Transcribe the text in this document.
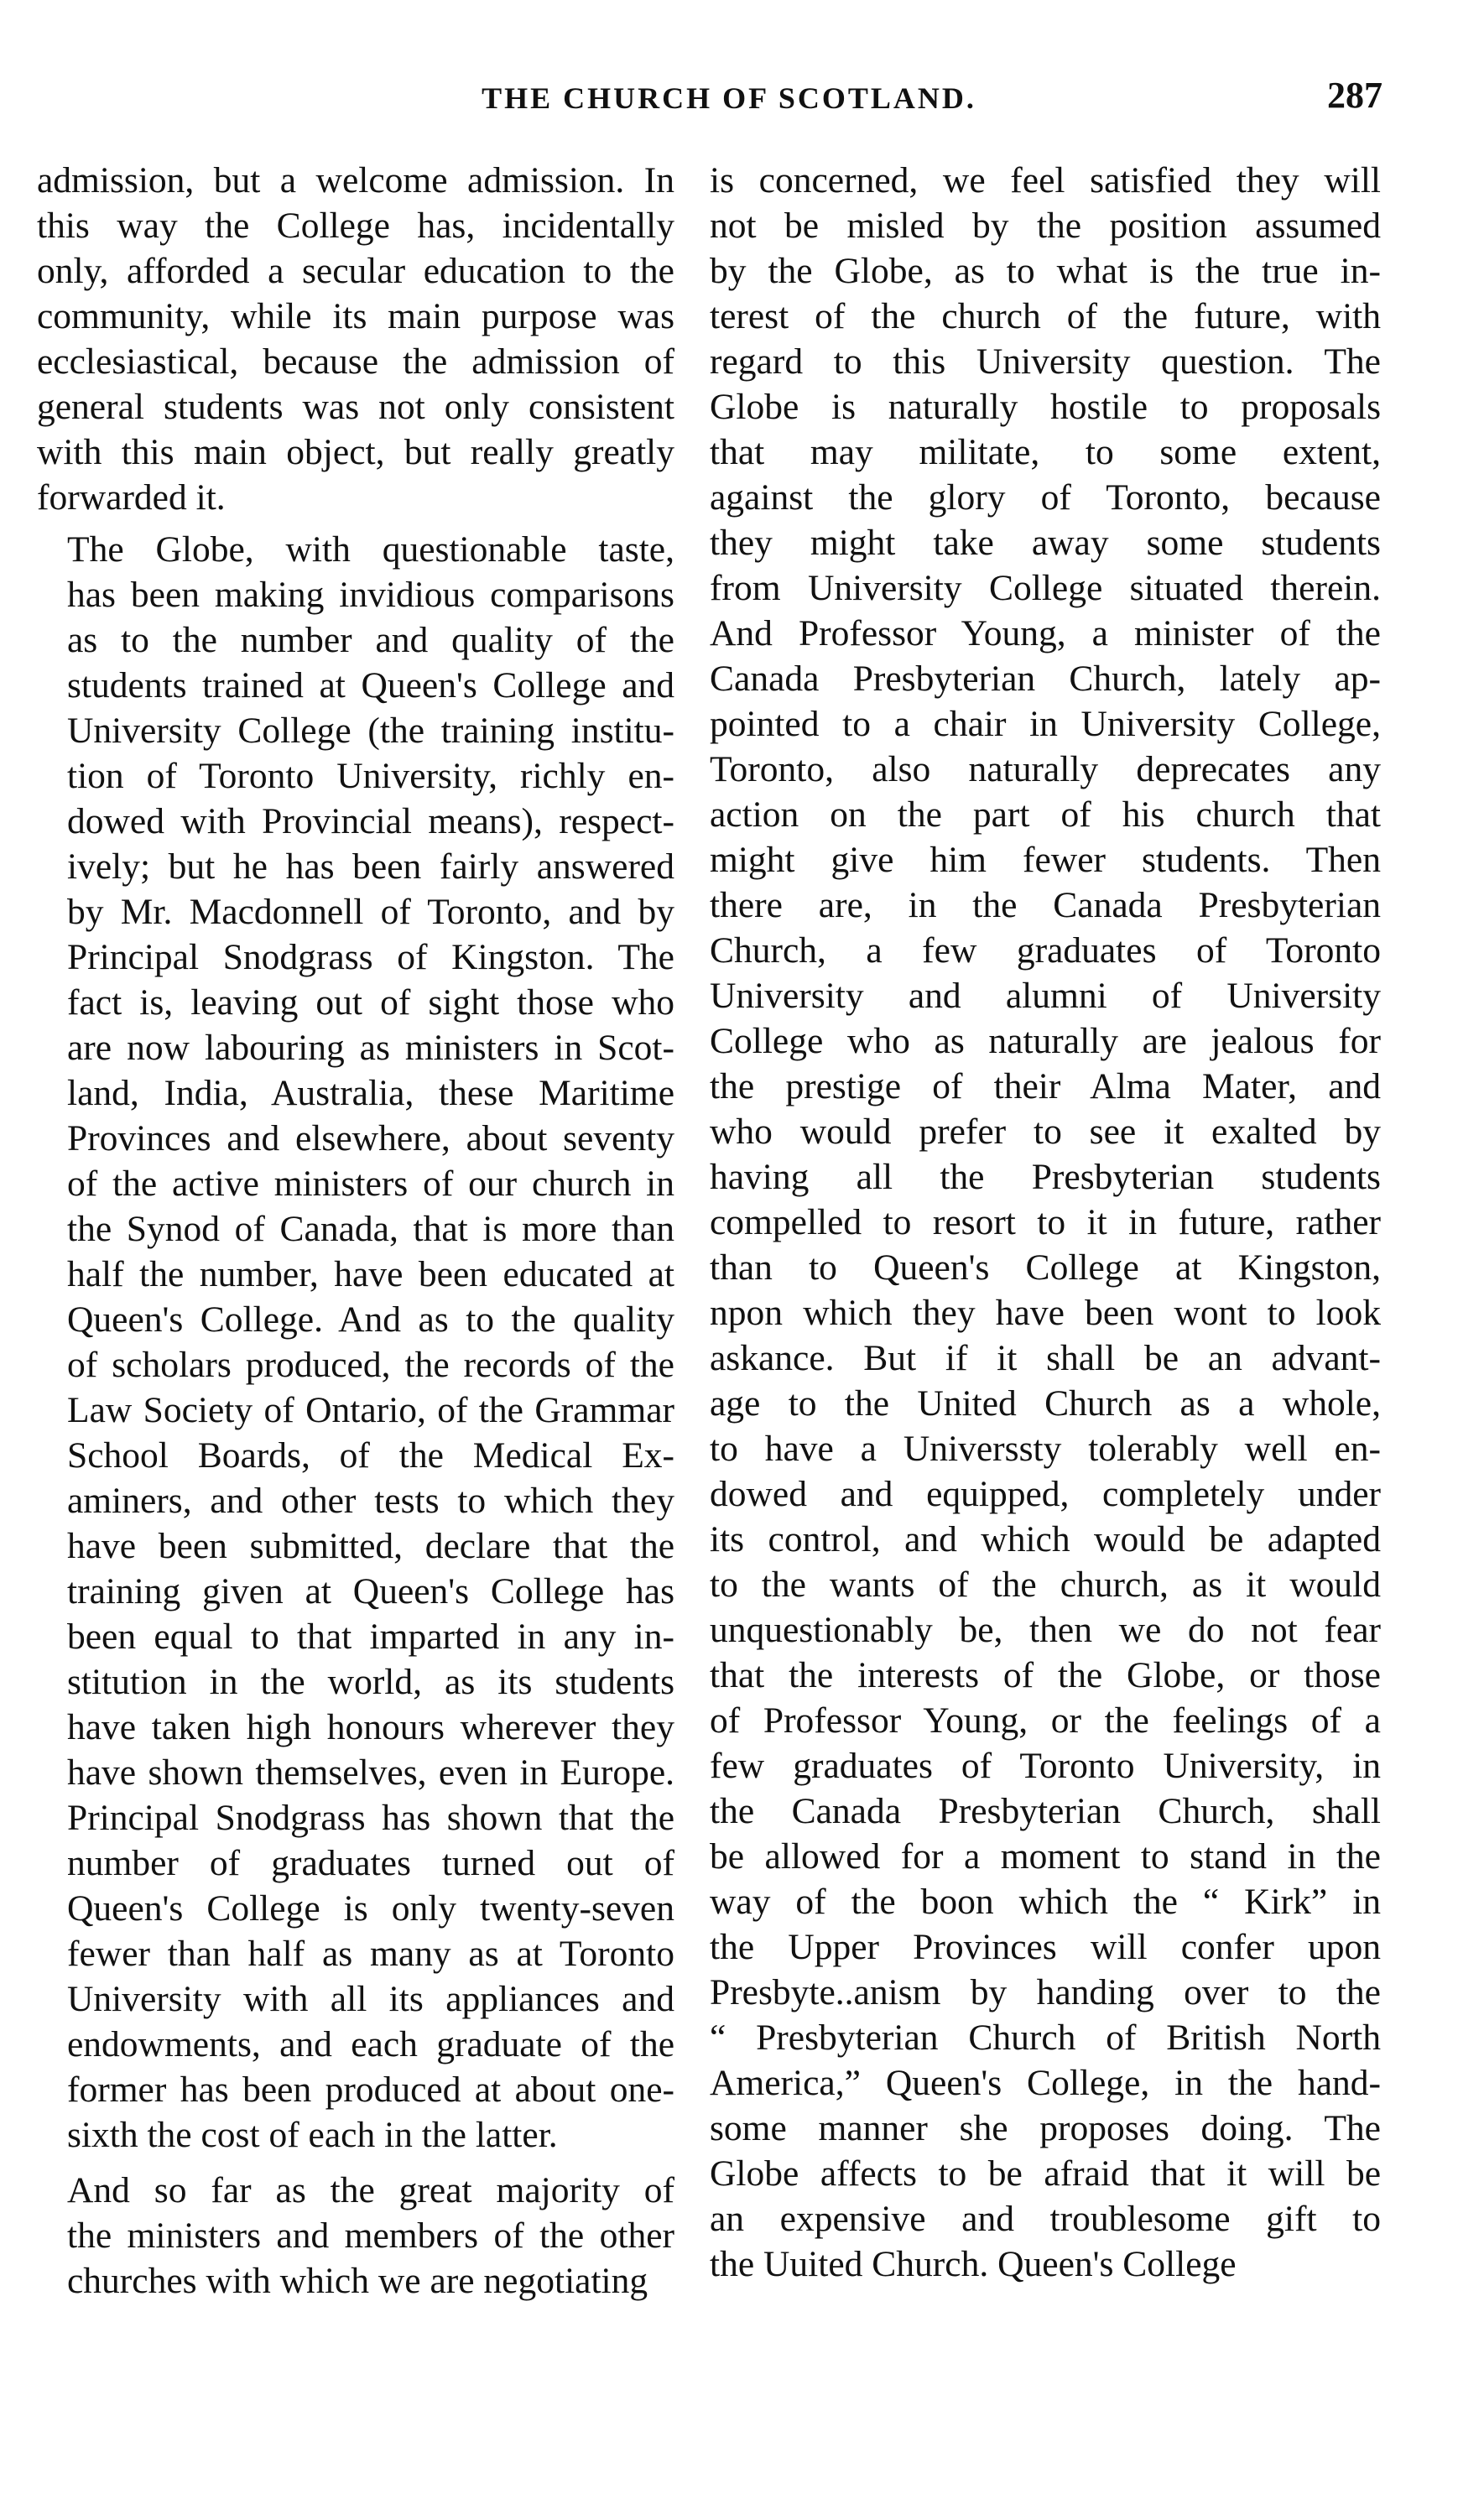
THE CHURCH OF SCOTLAND.	287

admission, but a welcome admission. In
this way the College has, incidentally
only, afforded a secular education to the
community, while its main purpose was
ecclesiastical, because the admission of
general students was not only consistent
with this main object, but really greatly
forwarded it.

The Globe, with questionable taste,
has been making invidious comparisons
as to the number and quality of the
students trained at Queen's College and
University College (the training institu-
tion of Toronto University, richly en-
dowed with Provincial means), respect-
ively; but he has been fairly answered
by Mr. Macdonnell of Toronto, and by
Principal Snodgrass of Kingston. The
fact is, leaving out of sight those who
are now labouring as ministers in Scot-
land, India, Australia, these Maritime
Provinces and elsewhere, about seventy
of the active ministers of our church in
the Synod of Canada, that is more than
half the number, have been educated at
Queen's College. And as to the quality
of scholars produced, the records of the
Law Society of Ontario, of the Grammar
School Boards, of the Medical Ex-
aminers, and other tests to which they
have been submitted, declare that the
training given at Queen's College has
been equal to that imparted in any in-
stitution in the world, as its students
have taken high honours wherever they
have shown themselves, even in Europe.
Principal Snodgrass has shown that the
number of graduates turned out of
Queen's College is only twenty-seven
fewer than half as many as at Toronto
University with all its appliances and
endowments, and each graduate of the
former has been produced at about one-
sixth the cost of each in the latter.

And so far as the great majority of
the ministers and members of the other
churches with which we are negotiating

is concerned, we feel satisfied they will
not be misled by the position assumed
by the Globe, as to what is the true in-
terest of the church of the future, with
regard to this University question. The
Globe is naturally hostile to proposals
that may militate, to some extent,
against the glory of Toronto, because
they might take away some students
from University College situated therein.
And Professor Young, a minister of the
Canada Presbyterian Church, lately ap-
pointed to a chair in University College,
Toronto, also naturally deprecates any
action on the part of his church that
might give him fewer students. Then
there are, in the Canada Presbyterian
Church, a few graduates of Toronto
University and alumni of University
College who as naturally are jealous for
the prestige of their Alma Mater, and
who would prefer to see it exalted by
having all the Presbyterian students
compelled to resort to it in future, rather
than to Queen's College at Kingston,
npon which they have been wont to look
askance. But if it shall be an advant-
age to the United Church as a whole,
to have a Universsty tolerably well en-
dowed and equipped, completely under
its control, and which would be adapted
to the wants of the church, as it would
unquestionably be, then we do not fear
that the interests of the Globe, or those
of Professor Young, or the feelings of a
few graduates of Toronto University, in
the Canada Presbyterian Church, shall
be allowed for a moment to stand in the
way of the boon which the “ Kirk” in
the Upper Provinces will confer upon
Presbyte..anism by handing over to the
“ Presbyterian Church of British North
America,” Queen's College, in the hand-
some manner she proposes doing. The
Globe affects to be afraid that it will be
an expensive and troublesome gift to
the Uuited Church. Queen's College
